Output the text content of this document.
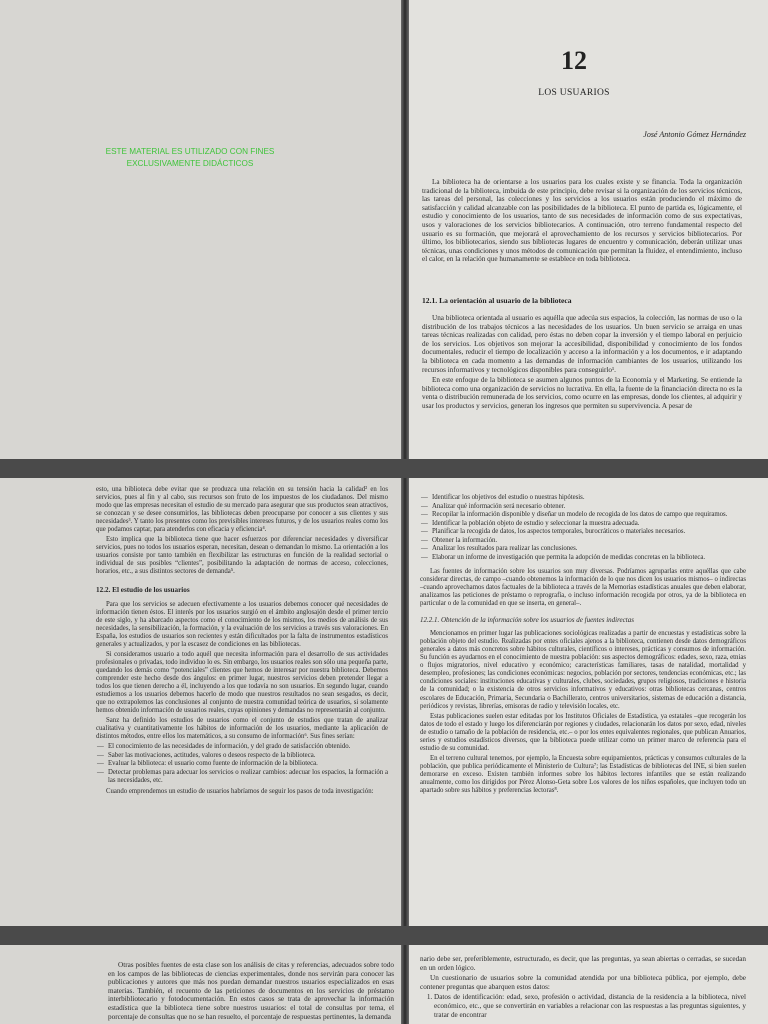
ESTE MATERIAL ES UTILIZADO CON FINES
EXCLUSIVAMENTE DIDÁCTICOS
12
LOS USUARIOS
José Antonio Gómez Hernández

La biblioteca ha de orientarse a los usuarios para los cuales existe y se financia. Toda la organización tradicional de la biblioteca, imbuida de este principio, debe revisar si la organización de los servicios técnicos, las tareas del personal, las colecciones y los servicios a los usuarios están produciendo el máximo de satisfacción y calidad alcanzable con las posibilidades de la biblioteca. El punto de partida es, lógicamente, el estudio y conocimiento de los usuarios, tanto de sus necesidades de información como de sus expectativas, usos y valoraciones de los servicios bibliotecarios. A continuación, otro terreno fundamental respecto del usuario es su formación, que mejorará el aprovechamiento de los recursos y servicios bibliotecarios. Por último, los bibliotecarios, siendo sus bibliotecas lugares de encuentro y comunicación, deberán utilizar unas técnicas, unas condiciones y unos métodos de comunicación que permitan la fluidez, el entendimiento, incluso el calor, en la relación que humanamente se establece en toda biblioteca.

12.1. La orientación al usuario de la biblioteca

Una biblioteca orientada al usuario es aquélla que adecúa sus espacios, la colección, las normas de uso o la distribución de los trabajos técnicos a las necesidades de los usuarios. Un buen servicio se arraiga en unas tareas técnicas realizadas con calidad, pero éstas no deben copar la inversión y el tiempo laboral en perjuicio de los servicios. Los objetivos son mejorar la accesibilidad, disponibilidad y conocimiento de los fondos documentales, reducir el tiempo de localización y acceso a la información y a los documentos, e ir adaptando la biblioteca en cada momento a las demandas de información cambiantes de los usuarios, utilizando los recursos informativos y tecnológicos disponibles para conseguirlo¹.

En este enfoque de la biblioteca se asumen algunos puntos de la Economía y el Marketing. Se entiende la biblioteca como una organización de servicios no lucrativa. En ella, la fuente de la financiación directa no es la venta o distribución remunerada de los servicios, como ocurre en las empresas, donde los clientes, al adquirir y usar los productos y servicios, generan los ingresos que permiten su supervivencia. A pesar de

esto, una biblioteca debe evitar que se produzca una relación en su tensión hacia la calidad² en los servicios, pues al fin y al cabo, sus recursos son fruto de los impuestos de los ciudadanos. Del mismo modo que las empresas necesitan el estudio de su mercado para asegurar que sus productos sean atractivos, se conozcan y se desee consumirlos, las bibliotecas deben preocuparse por conocer a sus clientes y sus necesidades³. Y tanto los presentes como los previsibles intereses futuros, y de los usuarios reales como los que podamos captar, para atenderlos con eficacia y eficiencia⁴.

Esto implica que la biblioteca tiene que hacer esfuerzos por diferenciar necesidades y diversificar servicios, pues no todos los usuarios esperan, necesitan, desean o demandan lo mismo. La orientación a los usuarios consiste por tanto también en flexibilizar las estructuras en función de la realidad sectorial o individual de sus posibles “clientes”, posibilitando la adaptación de normas de acceso, colecciones, horarios, etc., a sus distintos sectores de demanda⁵.

12.2. El estudio de los usuarios

Para que los servicios se adecuen efectivamente a los usuarios debemos conocer qué necesidades de información tienen éstos. El interés por los usuarios surgió en el ámbito anglosajón desde el primer tercio de este siglo, y ha abarcado aspectos como el conocimiento de los mismos, los medios de análisis de sus necesidades, la sensibilización, la formación, y la evaluación de los servicios a través sus valoraciones. En España, los estudios de usuarios son recientes y están dificultados por la falta de instrumentos estadísticos generales y actualizados, y por la escasez de condiciones en las bibliotecas.

Si consideramos usuario a todo aquél que necesita información para el desarrollo de sus actividades profesionales o privadas, todo individuo lo es. Sin embargo, los usuarios reales son sólo una pequeña parte, quedando los demás como “potenciales” clientes que hemos de interesar por nuestra biblioteca. Debemos comprender este hecho desde dos ángulos: en primer lugar, nuestros servicios deben pretender llegar a todos los que tienen derecho a él, incluyendo a los que todavía no son usuarios. En segundo lugar, cuando estudiemos a los usuarios debemos hacerlo de modo que nuestros resultados no sean sesgados, es decir, que no extrapolemos las conclusiones al conjunto de nuestra comunidad teórica de usuarios, si solamente hemos obtenido información de usuarios reales, cuyas opiniones y demandas no representarán al conjunto.

Sanz ha definido los estudios de usuarios como el conjunto de estudios que tratan de analizar cualitativa y cuantitativamente los hábitos de información de los usuarios, mediante la aplicación de distintos métodos, entre ellos los matemáticos, a su consumo de información⁶. Sus fines serían:

— El conocimiento de las necesidades de información, y del grado de satisfacción obtenido.
— Saber las motivaciones, actitudes, valores o deseos respecto de la biblioteca.
— Evaluar la biblioteca: el usuario como fuente de información de la biblioteca.
— Detectar problemas para adecuar los servicios o realizar cambios: adecuar los espacios, la formación a las necesidades, etc.

Cuando emprendemos un estudio de usuarios habríamos de seguir los pasos de toda investigación:

— Identificar los objetivos del estudio o nuestras hipótesis.
— Analizar qué información será necesario obtener.
— Recopilar la información disponible y diseñar un modelo de recogida de los datos de campo que requiramos.
— Identificar la población objeto de estudio y seleccionar la muestra adecuada.
— Planificar la recogida de datos, los aspectos temporales, burocráticos o materiales necesarios.
— Obtener la información.
— Analizar los resultados para realizar las conclusiones.
— Elaborar un informe de investigación que permita la adopción de medidas concretas en la biblioteca.

Las fuentes de información sobre los usuarios son muy diversas. Podríamos agruparlas entre aquéllas que cabe considerar directas, de campo –cuando obtenemos la información de lo que nos dicen los usuarios mismos– o indirectas –cuando aprovechamos datos factuales de la biblioteca a través de la Memorias estadísticas anuales que deben elaborar, analizamos las peticiones de préstamo o reprografía, o incluso información recogida por otros, ya de la biblioteca en particular o de la comunidad en que se inserta, en general–.

12.2.1. Obtención de la información sobre los usuarios de fuentes indirectas

Mencionamos en primer lugar las publicaciones sociológicas realizadas a partir de encuestas y estadísticas sobre la población objeto del estudio. Realizadas por entes oficiales ajenos a la biblioteca, contienen desde datos demográficos generales a datos más concretos sobre hábitos culturales, científicos o intereses, prácticas y consumos de información. Su función es ayudarnos en el conocimiento de nuestra población: sus aspectos demográficos: edades, sexo, raza, etnias o flujos migratorios, nivel educativo y económico; características familiares, tasas de natalidad, mortalidad y desempleo, profesiones; las condiciones económicas: negocios, población por sectores, tendencias económicas, etc.; las condiciones sociales: instituciones educativas y culturales, clubes, sociedades, grupos religiosos, tradiciones e historia de la comunidad; o la existencia de otros servicios informativos y educativos: otras bibliotecas cercanas, centros escolares de Educación, Primaria, Secundaria o Bachillerato, centros universitarios, sistemas de educación a distancia, periódicos y revistas, librerías, emisoras de radio y televisión locales, etc.

Estas publicaciones suelen estar editadas por los Institutos Oficiales de Estadística, ya estatales –que recogerán los datos de todo el estado y luego los diferenciarán por regiones y ciudades, relacionarán los datos por sexo, edad, niveles de estudio o tamaño de la población de residencia, etc.– o por los entes equivalentes regionales, que publican Anuarios, series y estudios estadísticos diversos, que la biblioteca puede utilizar como un primer marco de referencia para el estudio de su comunidad.

En el terreno cultural tenemos, por ejemplo, la Encuesta sobre equipamientos, prácticas y consumos culturales de la población, que publica periódicamente el Ministerio de Cultura⁷; las Estadísticas de bibliotecas del INE, si bien suelen demorarse en exceso. Existen también informes sobre los hábitos lectores infantiles que se están realizando anualmente, como los dirigidos por Pérez Alonso-Geta sobre Los valores de los niños españoles, que incluyen todo un apartado sobre sus hábitos y preferencias lectoras⁸.

Otras posibles fuentes de esta clase son los análisis de citas y referencias, adecuados sobre todo en los campos de las bibliotecas de ciencias experimentales, donde nos servirán para conocer las publicaciones y autores que más nos puedan demandar nuestros usuarios especializados en esas materias. También, el recuento de las peticiones de documentos en los servicios de préstamo interbibliotecario y fotodocumentación. En estos casos se trata de aprovechar la información estadística que la biblioteca tiene sobre nuestros usuarios: el total de consultas por tema, el porcentaje de consultas que no se han resuelto, el porcentaje de respuestas pertinentes, la demanda

nario debe ser, preferiblemente, estructurado, es decir, que las preguntas, ya sean abiertas o cerradas, se sucedan en un orden lógico.

Un cuestionario de usuarios sobre la comunidad atendida por una biblioteca pública, por ejemplo, debe contener preguntas que abarquen estos datos:

1. Datos de identificación: edad, sexo, profesión o actividad, distancia de la residencia a la biblioteca, nivel económico, etc., que se convertirán en variables a relacionar con las respuestas a las preguntas siguientes, y tratar de encontrar
